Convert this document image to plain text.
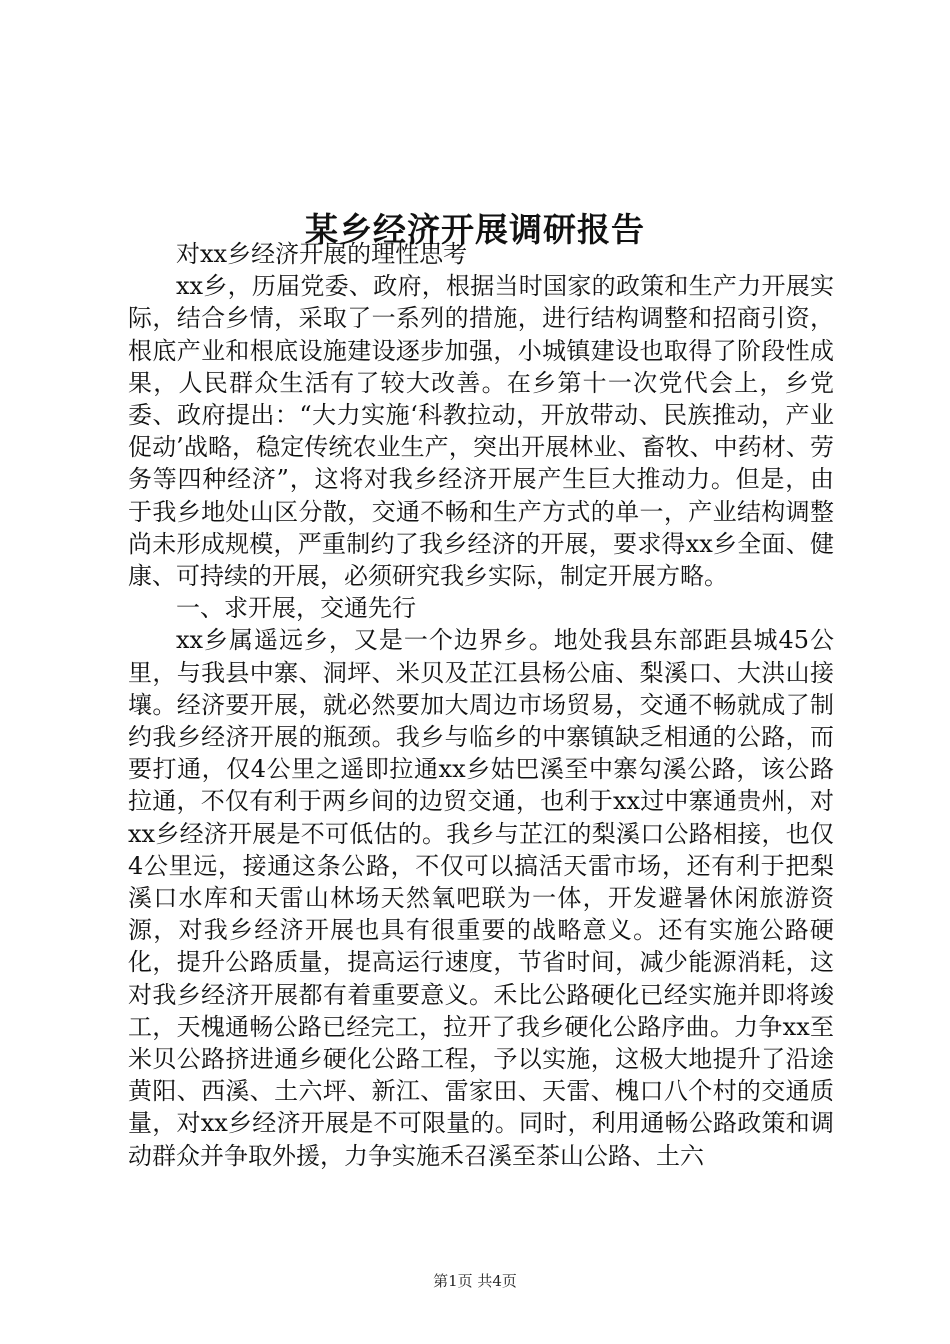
某乡经济开展调研报告

对xx乡经济开展的理性思考

xx乡，历届党委、政府，根据当时国家的政策和生产力开展实际，结合乡情，采取了一系列的措施，进行结构调整和招商引资，根底产业和根底设施建设逐步加强，小城镇建设也取得了阶段性成果，人民群众生活有了较大改善。在乡第十一次党代会上，乡党委、政府提出：“大力实施‘科教拉动，开放带动、民族推动，产业促动’战略，稳定传统农业生产，突出开展林业、畜牧、中药材、劳务等四种经济”，这将对我乡经济开展产生巨大推动力。但是，由于我乡地处山区分散，交通不畅和生产方式的单一，产业结构调整尚未形成规模，严重制约了我乡经济的开展，要求得xx乡全面、健康、可持续的开展，必须研究我乡实际，制定开展方略。

一、求开展，交通先行

xx乡属遥远乡，又是一个边界乡。地处我县东部距县城45公里，与我县中寨、洞坪、米贝及芷江县杨公庙、梨溪口、大洪山接壤。经济要开展，就必然要加大周边市场贸易，交通不畅就成了制约我乡经济开展的瓶颈。我乡与临乡的中寨镇缺乏相通的公路，而要打通，仅4公里之遥即拉通xx乡姑巴溪至中寨勾溪公路，该公路拉通，不仅有利于两乡间的边贸交通，也利于xx过中寨通贵州，对xx乡经济开展是不可低估的。我乡与芷江的梨溪口公路相接，也仅4公里远，接通这条公路，不仅可以搞活天雷市场，还有利于把梨溪口水库和天雷山林场天然氧吧联为一体，开发避暑休闲旅游资源，对我乡经济开展也具有很重要的战略意义。还有实施公路硬化，提升公路质量，提高运行速度，节省时间，减少能源消耗，这对我乡经济开展都有着重要意义。禾比公路硬化已经实施并即将竣工，天槐通畅公路已经完工，拉开了我乡硬化公路序曲。力争xx至米贝公路挤进通乡硬化公路工程，予以实施，这极大地提升了沿途黄阳、西溪、土六坪、新江、雷家田、天雷、槐口八个村的交通质量，对xx乡经济开展是不可限量的。同时，利用通畅公路政策和调动群众并争取外援，力争实施禾召溪至茶山公路、土六

第1页 共4页
